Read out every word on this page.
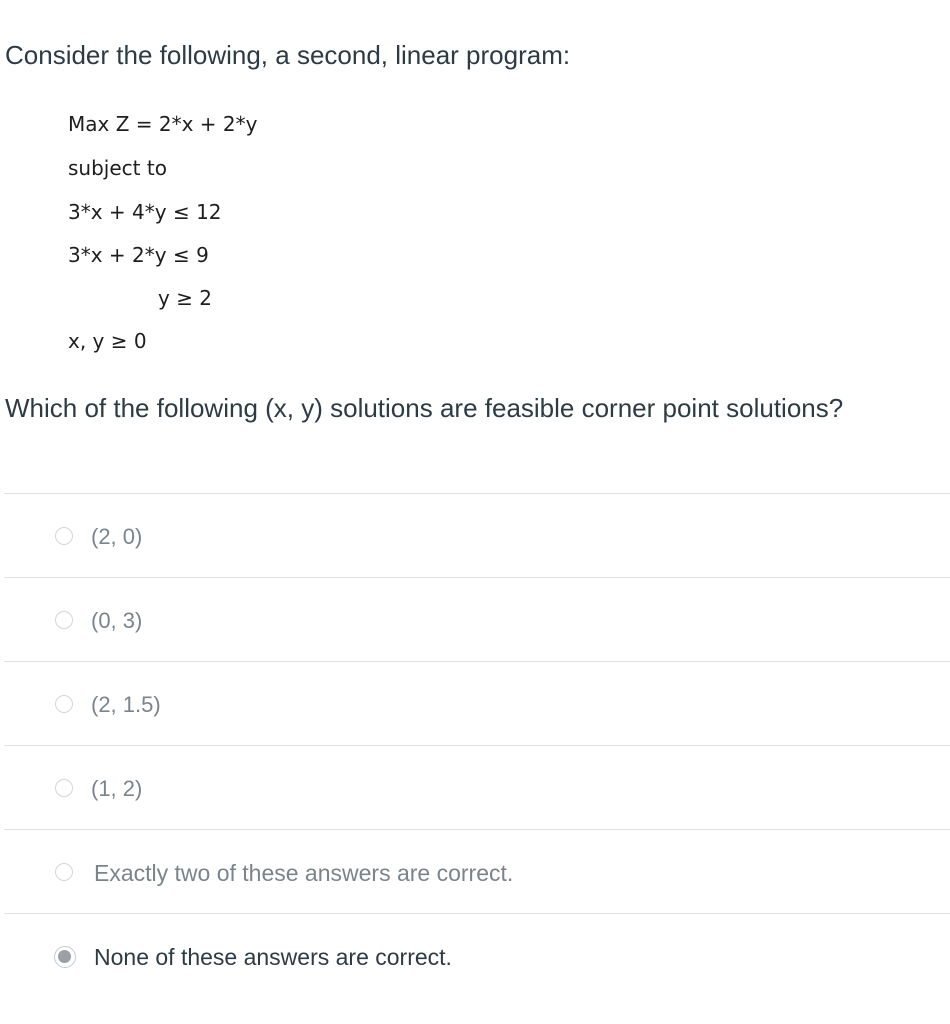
Consider the following, a second, linear program:
Max Z = 2*x + 2*y
subject to
3*x + 4*y ≤ 12
3*x + 2*y ≤ 9
y ≥ 2
x, y ≥ 0

Which of the following (x, y) solutions are feasible corner point solutions?

(2, 0)
(0, 3)
(2, 1.5)
(1, 2)
Exactly two of these answers are correct.
None of these answers are correct.
